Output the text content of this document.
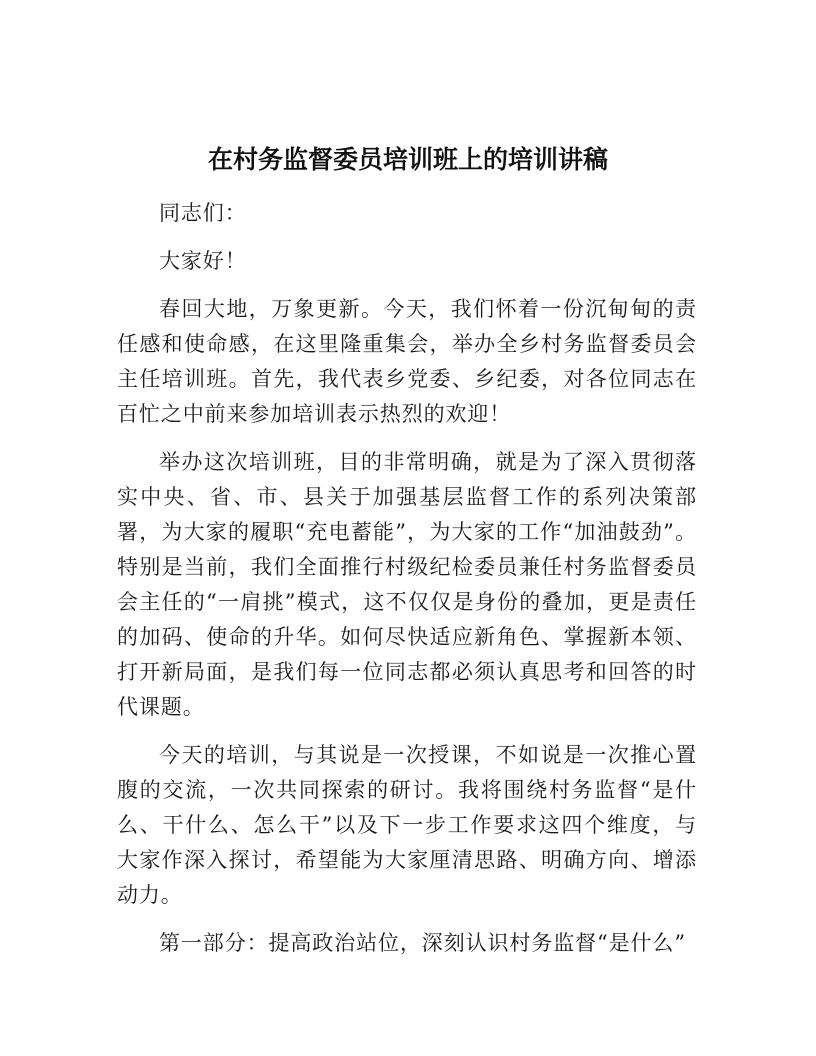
在村务监督委员培训班上的培训讲稿

同志们：

大家好！

春回大地，万象更新。今天，我们怀着一份沉甸甸的责任感和使命感，在这里隆重集会，举办全乡村务监督委员会主任培训班。首先，我代表乡党委、乡纪委，对各位同志在百忙之中前来参加培训表示热烈的欢迎！

举办这次培训班，目的非常明确，就是为了深入贯彻落实中央、省、市、县关于加强基层监督工作的系列决策部署，为大家的履职“充电蓄能”，为大家的工作“加油鼓劲”。特别是当前，我们全面推行村级纪检委员兼任村务监督委员会主任的“一肩挑”模式，这不仅仅是身份的叠加，更是责任的加码、使命的升华。如何尽快适应新角色、掌握新本领、打开新局面，是我们每一位同志都必须认真思考和回答的时代课题。

今天的培训，与其说是一次授课，不如说是一次推心置腹的交流，一次共同探索的研讨。我将围绕村务监督“是什么、干什么、怎么干”以及下一步工作要求这四个维度，与大家作深入探讨，希望能为大家厘清思路、明确方向、增添动力。

第一部分：提高政治站位，深刻认识村务监督“是什么”
